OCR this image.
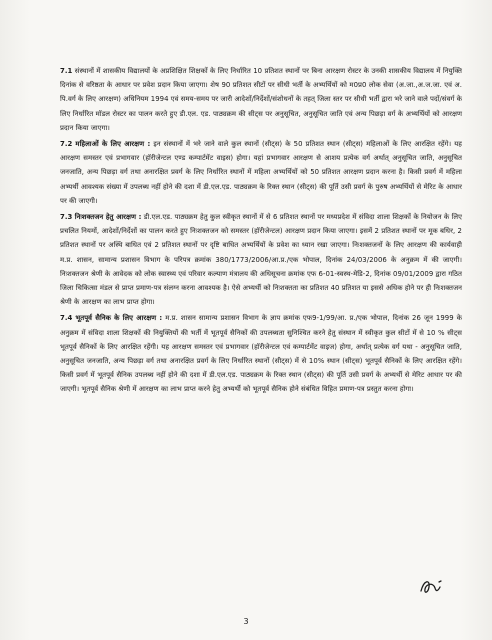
7.1 संस्थानों में शासकीय विद्यालयों के अप्रशिक्षित शिक्षकों के लिए निर्धारित 10 प्रतिशत स्थानों पर बिना आरक्षण रोस्टर के उनकी शासकीय विद्यालय में नियुक्ति दिनांक से वरिष्ठता के आधार पर प्रवेश प्रदान किया जाएगा। शेष 90 प्रतिशत सीटों पर सीधी भर्ती के अभ्यर्थियों को म0प्र0 लोक सेवा (अ.जा.,अ.ज.जा. एवं अ. पि.वर्ग के लिए आरक्षण) अधिनियम 1994 एवं समय-समय पर जारी आदेशों/निर्देशों/संशोधनों के तहत् जिला स्तर पर सीधी भर्ती द्वारा भरे जाने वाले पदों/संवर्ग के लिए निर्धारित मॉडल रोस्टर का पालन करते हुए डी.एल. एड. पाठ्यक्रम की सीट्स पर अनुसूचित, अनुसूचित जाति एवं अन्य पिछड़ा वर्ग के अभ्यर्थियों को आरक्षण प्रदान किया जाएगा।

7.2 महिलाओं के लिए आरक्षण : इन संस्थानों में भरे जाने वाले कुल स्थानों (सीट्स) के 50 प्रतिशत स्थान (सीट्स) महिलाओं के लिए आरक्षित रहेंगे। यह आरक्षण समस्तर एवं प्रभागवार (हॉरीजेन्टल एण्ड कम्पार्टमेंट वाइस) होगा। यहां प्रभागवार आरक्षण से आशय प्रत्येक वर्ग अर्थात् अनुसूचित जाति, अनुसूचित जनजाति, अन्य पिछड़ा वर्ग तथा अनारक्षित प्रवर्ग के लिए निर्धारित स्थानों में महिला अभ्यर्थियों को 50 प्रतिशत आरक्षण प्रदान करना है। किसी प्रवर्ग में महिला अभ्यर्थी आवश्यक संख्या में उपलब्ध नहीं होने की दशा में डी.एल.एड. पाठ्यक्रम के रिक्त स्थान (सीट्स) की पूर्ति उसी प्रवर्ग के पुरुष अभ्यर्थियों से मेरिट के आधार पर की जाएगी।

7.3 निःशक्तजन हेतु आरक्षण : डी.एल.एड. पाठ्यक्रम हेतु कुल स्वीकृत स्थानों में से 6 प्रतिशत स्थानों पर मध्यप्रदेश में संविदा शाला शिक्षकों के नियोजन के लिए प्रचलित नियमों, आदेशों/निर्देशों का पालन करते हुए निःशक्तजन को समस्तर (हॉरीजेन्टल) आरक्षण प्रदान किया जाएगा। इसमें 2 प्रतिशत स्थानों पर मूक बधिर, 2 प्रतिशत स्थानों पर अस्थि बाधित एवं 2 प्रतिशत स्थानों पर दृष्टि बाधित अभ्यर्थियों के प्रवेश का ध्यान रखा जाएगा। निःशक्तजनों के लिए आरक्षण की कार्यवाही म.प्र. शासन, सामान्य प्रशासन विभाग के परिपत्र क्रमांक 380/1773/2006/आ.प्र./एक भोपाल, दिनांक 24/03/2006 के अनुक्रम में की जाएगी। निःशक्तजन श्रेणी के आवेदक को लोक स्वास्थ्य एवं परिवार कल्याण मंत्रालय की अधिसूचना क्रमांक एफ 6-01-स्वस्थ-मेडि-2, दिनांक 09/01/2009 द्वारा गठित जिला चिकित्सा मंडल से प्राप्त प्रमाण-पत्र संलग्न करना आवश्यक है। ऐसे अभ्यर्थी को निःशक्तता का प्रतिशत 40 प्रतिशत या इससे अधिक होने पर ही निःशक्तजन श्रेणी के आरक्षण का लाभ प्राप्त होगा।

7.4 भूतपूर्व सैनिक के लिए आरक्षण : म.प्र. शासन सामान्य प्रशासन विभाग के ज्ञाप क्रमांक एफ9-1/99/आ. प्र./एक भोपाल, दिनांक 26 जून 1999 के अनुक्रम में संविदा शाला शिक्षकों की नियुक्तियों की भर्ती में भूतपूर्व सैनिकों की उपलब्धता सुनिश्चित करने हेतु संस्थान में स्वीकृत कुल सीटों में से 10 % सीट्स भूतपूर्व सैनिकों के लिए आरक्षित रहेंगी। यह आरक्षण समस्तर एवं प्रभागवार (हॉरीजेन्टल एवं कम्पार्टमेंट वाइज) होगा, अर्थात् प्रत्येक वर्ग यथा - अनुसूचित जाति, अनुसूचित जनजाति, अन्य पिछड़ा वर्ग तथा अनारक्षित प्रवर्ग के लिए निर्धारित स्थानों (सीट्स) में से 10% स्थान (सीट्स) भूतपूर्व सैनिकों के लिए आरक्षित रहेंगे। किसी प्रवर्ग में भूतपूर्व सैनिक उपलब्ध नहीं होने की दशा में डी.एल.एड. पाठ्यक्रम के रिक्त स्थान (सीट्स) की पूर्ति उसी प्रवर्ग के अभ्यर्थी से मेरिट आधार पर की जाएगी। भूतपूर्व सैनिक श्रेणी में आरक्षण का लाभ प्राप्त करने हेतु अभ्यर्थी को भूतपूर्व सैनिक होने संबंधित विहित प्रमाण-पत्र प्रस्तुत करना होगा।

3
